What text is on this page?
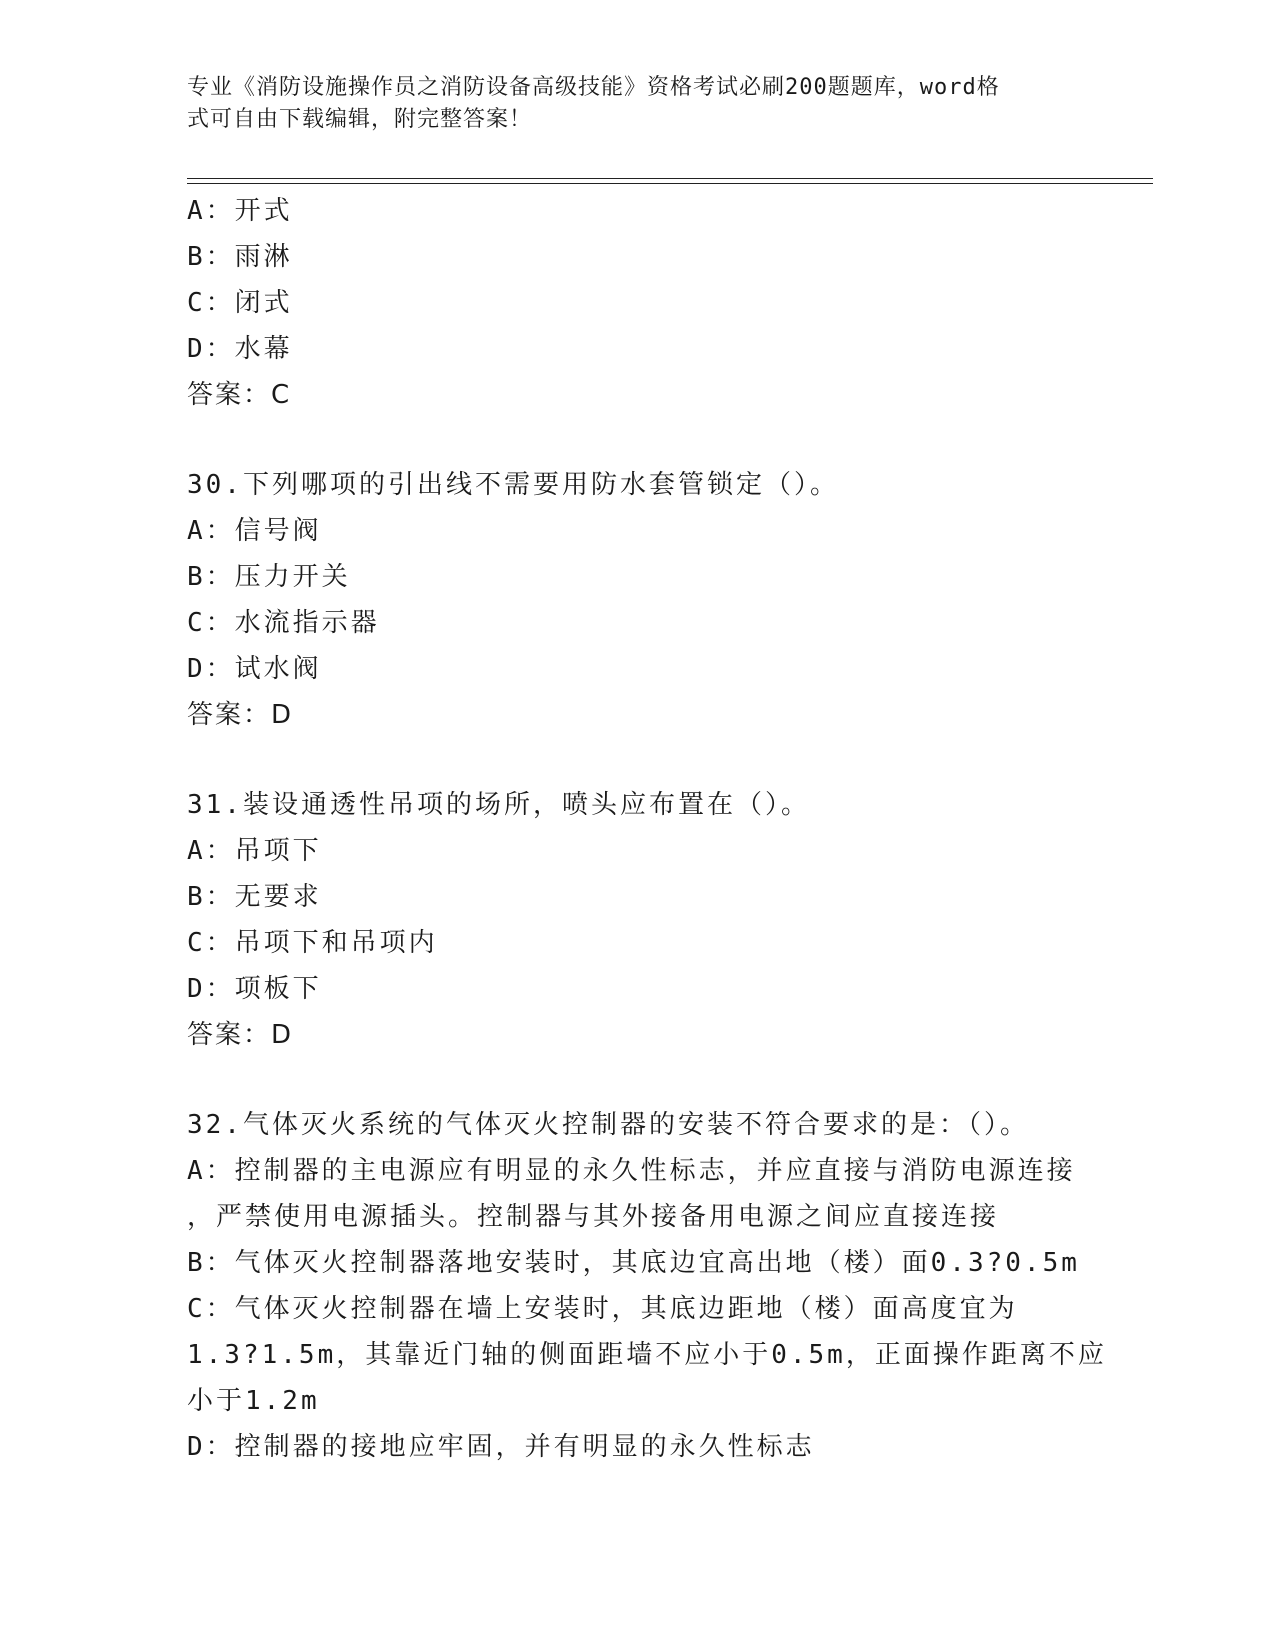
专业《消防设施操作员之消防设备高级技能》资格考试必刷200题题库，word格
式可自由下载编辑，附完整答案！
A：开式
B：雨淋
C：闭式
D：水幕
答案：C
30.下列哪项的引出线不需要用防水套管锁定（）。
A：信号阀
B：压力开关
C：水流指示器
D：试水阀
答案：D
31.装设通透性吊项的场所，喷头应布置在（）。
A：吊项下
B：无要求
C：吊项下和吊项内
D：项板下
答案：D
32.气体灭火系统的气体灭火控制器的安装不符合要求的是：（）。
A：控制器的主电源应有明显的永久性标志，并应直接与消防电源连接
，严禁使用电源插头。控制器与其外接备用电源之间应直接连接
B：气体灭火控制器落地安装时，其底边宜高出地（楼）面0.3?0.5m
C：气体灭火控制器在墙上安装时，其底边距地（楼）面高度宜为
1.3?1.5m，其靠近门轴的侧面距墙不应小于0.5m，正面操作距离不应
小于1.2m
D：控制器的接地应牢固，并有明显的永久性标志
